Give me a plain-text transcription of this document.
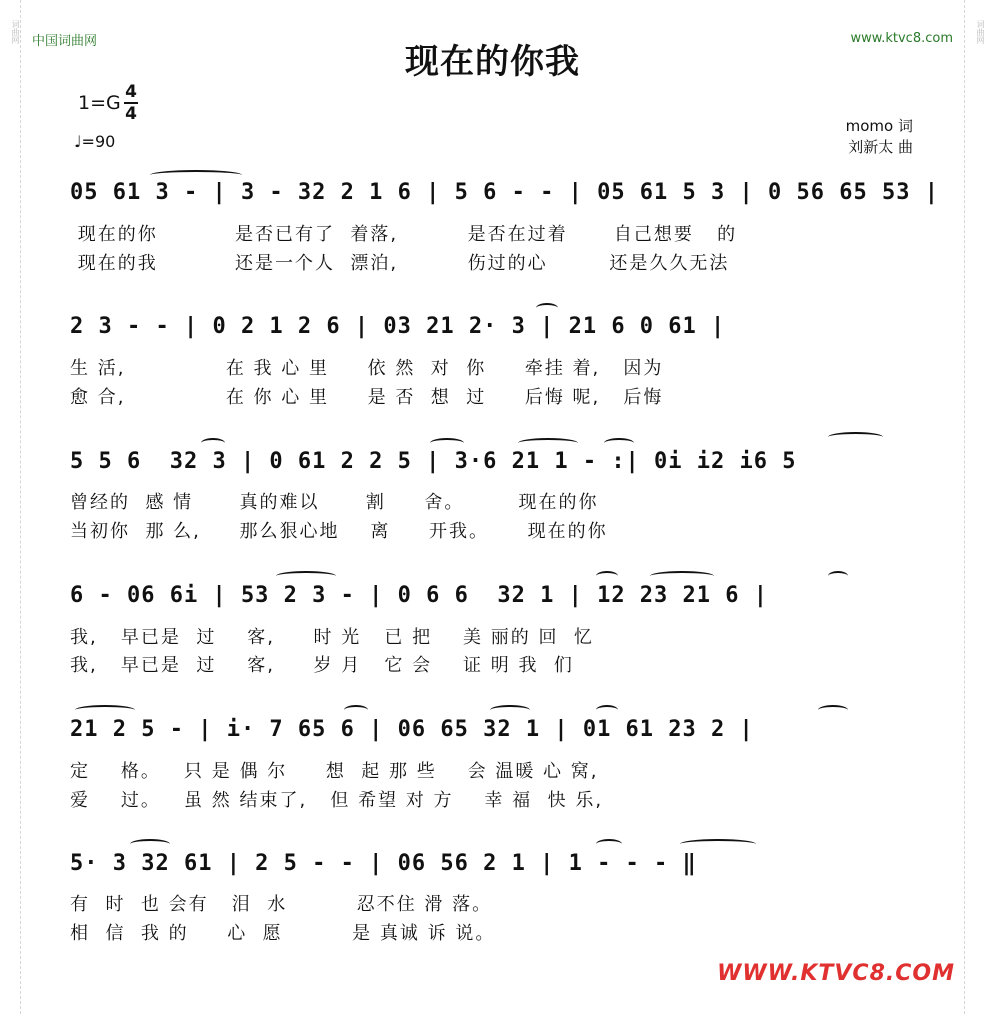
词曲网	词曲网
中国词曲网	www.ktvc8.com
现在的你我
1=G 4
4
♩=90
momo 词
刘新太 曲
05 61 3 - | 3 - 32 2 1 6 | 5 6 - - | 05 61 5 3 | 0 56 65 53 |
现在的你          是否已有了  着落,         是否在过着      自己想要   的
现在的我          还是一个人  漂泊,         伤过的心        还是久久无法
2 3 - - | 0 2 1 2 6 | 03 21 2· 3 | 21 6 0 61 |
生 活,             在 我 心 里     依 然  对  你     牵挂 着,   因为
愈 合,             在 你 心 里     是 否  想  过     后悔 呢,   后悔
5 5 6  32 3 | 0 61 2 2 5 | 3·6 21 1 - :| 0i i2 i6 5
曾经的  感 情      真的难以      割     舍。       现在的你
当初你  那 么,     那么狠心地    离     开我。     现在的你
6 - 06 6i | 53 2 3 - | 0 6 6  32 1 | 12 23 21 6 |
我,   早已是  过    客,     时 光   已 把    美 丽的 回  忆
我,   早已是  过    客,     岁 月   它 会    证 明 我  们
21 2 5 - | i· 7 65 6 | 06 65 32 1 | 01 61 23 2 |
定    格。   只 是 偶 尔     想  起 那 些    会 温暖 心 窝,
爱    过。   虽 然 结束了,   但 希望 对 方    幸 福  快 乐,
5· 3 32 61 | 2 5 - - | 06 56 2 1 | 1 - - - ‖
有  时  也 会有   泪  水         忍不住 滑 落。
相  信  我 的     心  愿         是 真诚 诉 说。
WWW.KTVC8.COM
